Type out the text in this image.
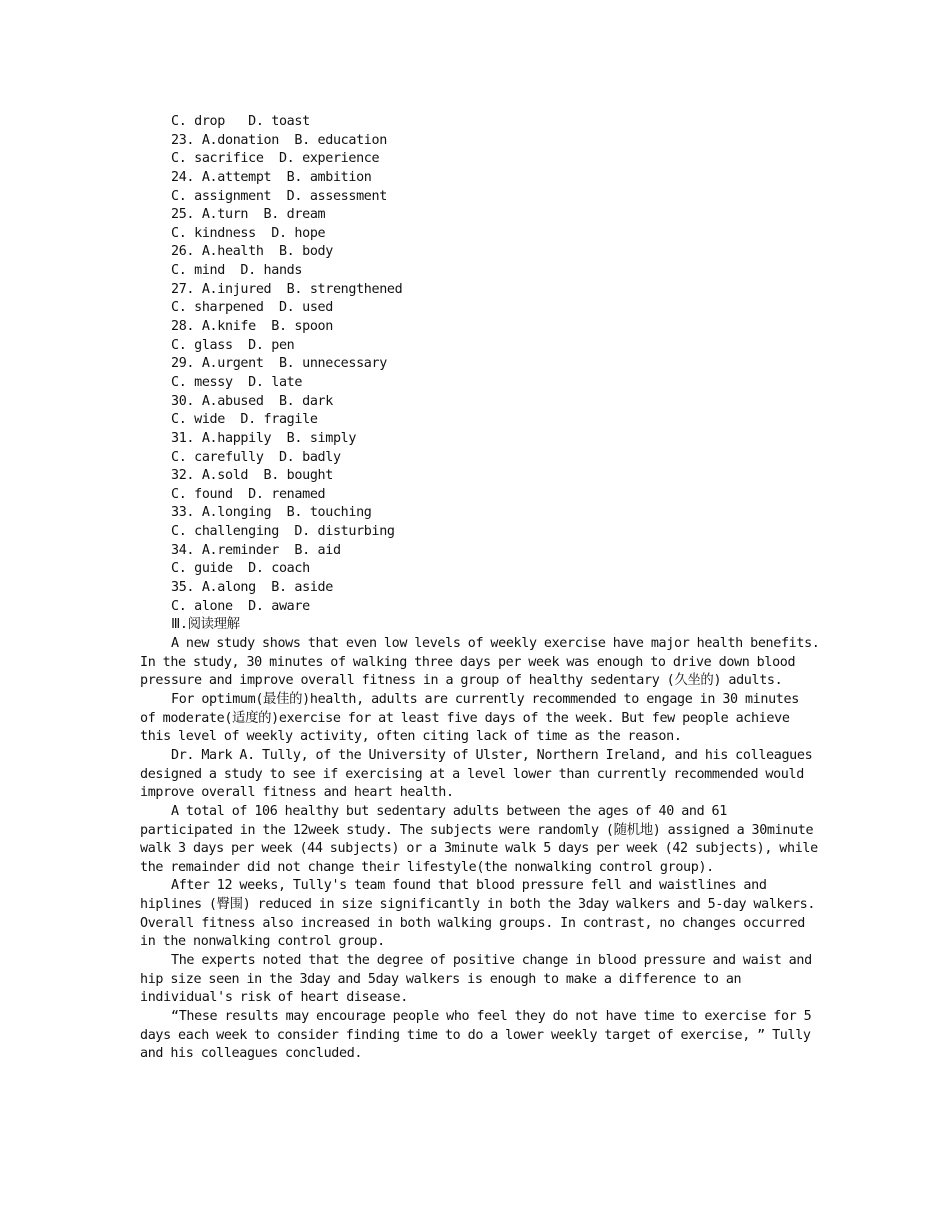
C. drop   D. toast
23. A.donation  B. education
C. sacrifice  D. experience
24. A.attempt  B. ambition
C. assignment  D. assessment
25. A.turn  B. dream
C. kindness  D. hope
26. A.health  B. body
C. mind  D. hands
27. A.injured  B. strengthened
C. sharpened  D. used
28. A.knife  B. spoon
C. glass  D. pen
29. A.urgent  B. unnecessary
C. messy  D. late
30. A.abused  B. dark
C. wide  D. fragile
31. A.happily  B. simply
C. carefully  D. badly
32. A.sold  B. bought
C. found  D. renamed
33. A.longing  B. touching
C. challenging  D. disturbing
34. A.reminder  B. aid
C. guide  D. coach
35. A.along  B. aside
C. alone  D. aware
Ⅲ.阅读理解

A new study shows that even low levels of weekly exercise have major health benefits. In the study, 30 minutes of walking three days per week was enough to drive down blood pressure and improve overall fitness in a group of healthy sedentary (久坐的) adults.

For optimum(最佳的)health, adults are currently recommended to engage in 30 minutes of moderate(适度的)exercise for at least five days of the week. But few people achieve this level of weekly activity, often citing lack of time as the reason.

Dr. Mark A. Tully, of the University of Ulster, Northern Ireland, and his colleagues designed a study to see if exercising at a level lower than currently recommended would improve overall fitness and heart health.

A total of 106 healthy but sedentary adults between the ages of 40 and 61 participated in the 12week study. The subjects were randomly (随机地) assigned a 30minute walk 3 days per week (44 subjects) or a 3minute walk 5 days per week (42 subjects), while the remainder did not change their lifestyle(the nonwalking control group).

After 12 weeks, Tully's team found that blood pressure fell and waistlines and hiplines (臀围) reduced in size significantly in both the 3day walkers and 5-day walkers. Overall fitness also increased in both walking groups. In contrast, no changes occurred in the nonwalking control group.

The experts noted that the degree of positive change in blood pressure and waist and hip size seen in the 3day and 5day walkers is enough to make a difference to an individual's risk of heart disease.

“These results may encourage people who feel they do not have time to exercise for 5 days each week to consider finding time to do a lower weekly target of exercise, ” Tully and his colleagues concluded.
